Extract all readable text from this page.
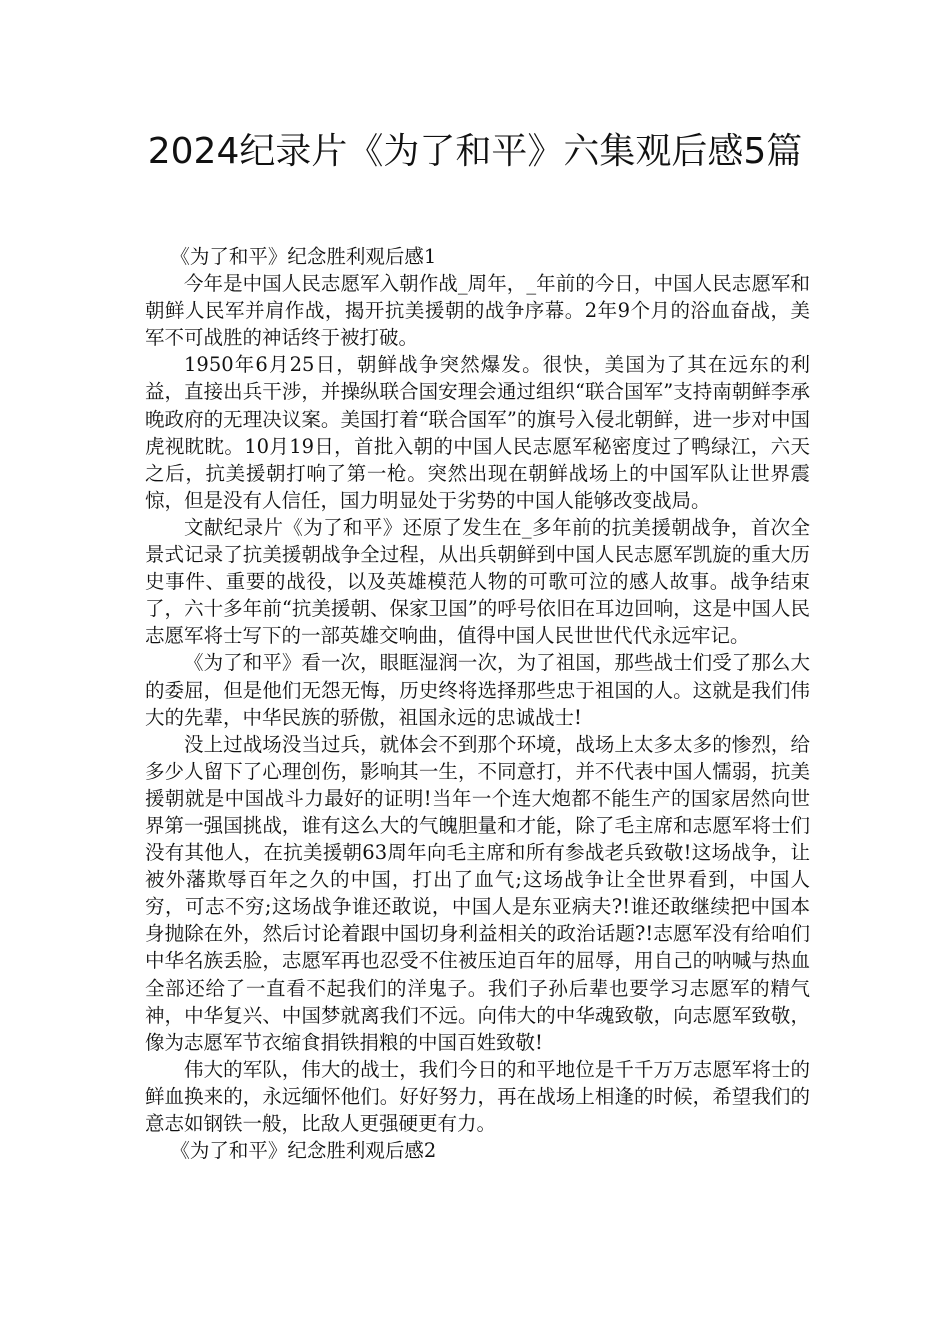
2024纪录片《为了和平》六集观后感5篇

《为了和平》纪念胜利观后感1

今年是中国人民志愿军入朝作战_周年，_年前的今日，中国人民志愿军和朝鲜人民军并肩作战，揭开抗美援朝的战争序幕。2年9个月的浴血奋战，美军不可战胜的神话终于被打破。

1950年6月25日，朝鲜战争突然爆发。很快，美国为了其在远东的利益，直接出兵干涉，并操纵联合国安理会通过组织“联合国军”支持南朝鲜李承晚政府的无理决议案。美国打着“联合国军”的旗号入侵北朝鲜，进一步对中国虎视眈眈。10月19日，首批入朝的中国人民志愿军秘密度过了鸭绿江，六天之后，抗美援朝打响了第一枪。突然出现在朝鲜战场上的中国军队让世界震惊，但是没有人信任，国力明显处于劣势的中国人能够改变战局。

文献纪录片《为了和平》还原了发生在_多年前的抗美援朝战争，首次全景式记录了抗美援朝战争全过程，从出兵朝鲜到中国人民志愿军凯旋的重大历史事件、重要的战役，以及英雄模范人物的可歌可泣的感人故事。战争结束了，六十多年前“抗美援朝、保家卫国”的呼号依旧在耳边回响，这是中国人民志愿军将士写下的一部英雄交响曲，值得中国人民世世代代永远牢记。

《为了和平》看一次，眼眶湿润一次，为了祖国，那些战士们受了那么大的委屈，但是他们无怨无悔，历史终将选择那些忠于祖国的人。这就是我们伟大的先辈，中华民族的骄傲，祖国永远的忠诚战士!

没上过战场没当过兵，就体会不到那个环境，战场上太多太多的惨烈，给多少人留下了心理创伤，影响其一生，不同意打，并不代表中国人懦弱，抗美援朝就是中国战斗力最好的证明!当年一个连大炮都不能生产的国家居然向世界第一强国挑战，谁有这么大的气魄胆量和才能，除了毛主席和志愿军将士们没有其他人，在抗美援朝63周年向毛主席和所有参战老兵致敬!这场战争，让被外藩欺辱百年之久的中国，打出了血气;这场战争让全世界看到，中国人穷，可志不穷;这场战争谁还敢说，中国人是东亚病夫?!谁还敢继续把中国本身抛除在外，然后讨论着跟中国切身利益相关的政治话题?!志愿军没有给咱们中华名族丢脸，志愿军再也忍受不住被压迫百年的屈辱，用自己的呐喊与热血全部还给了一直看不起我们的洋鬼子。我们子孙后辈也要学习志愿军的精气神，中华复兴、中国梦就离我们不远。向伟大的中华魂致敬，向志愿军致敬，像为志愿军节衣缩食捐铁捐粮的中国百姓致敬!

伟大的军队，伟大的战士，我们今日的和平地位是千千万万志愿军将士的鲜血换来的，永远缅怀他们。好好努力，再在战场上相逢的时候，希望我们的意志如钢铁一般，比敌人更强硬更有力。

《为了和平》纪念胜利观后感2
